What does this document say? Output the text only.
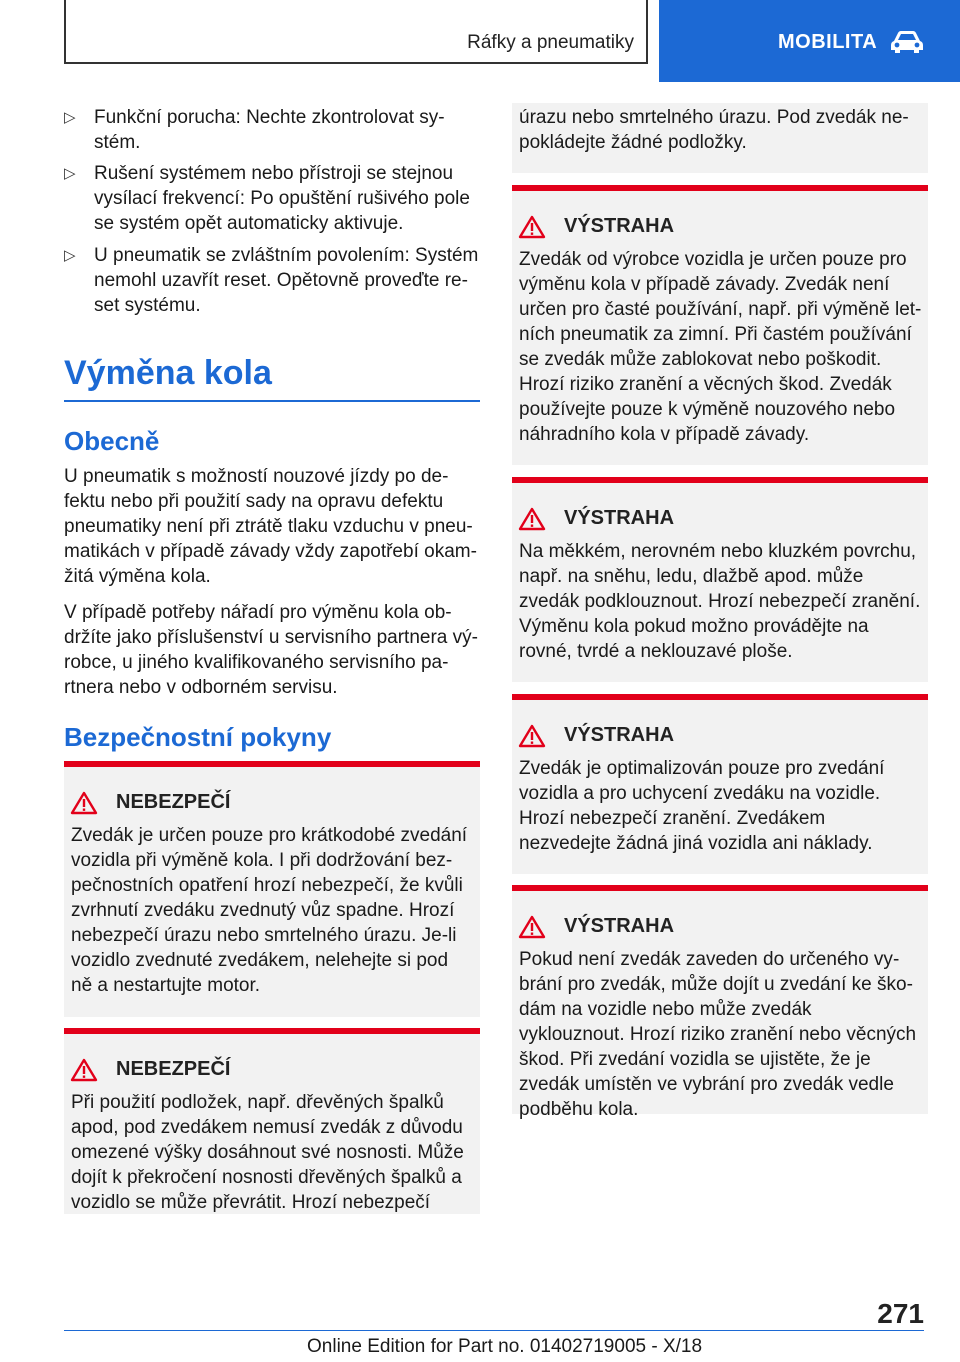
Ráfky a pneumatiky	MOBILITA
▷ Funkční porucha: Nechte zkontrolovat systém.
▷ Rušení systémem nebo přístroji se stejnou vysílací frekvencí: Po opuštění rušivého pole se systém opět automaticky aktivuje.
▷ U pneumatik se zvláštním povolením: Systém nemohl uzavřít reset. Opětovně proveďte reset systému.
Výměna kola
Obecně
U pneumatik s možností nouzové jízdy po defektu nebo při použití sady na opravu defektu pneumatiky není při ztrátě tlaku vzduchu v pneumatikách v případě závady vždy zapotřebí okamžitá výměna kola.
V případě potřeby nářadí pro výměnu kola obdržíte jako příslušenství u servisního partnera výrobce, u jiného kvalifikovaného servisního partnera nebo v odborném servisu.
Bezpečnostní pokyny
NEBEZPEČÍ
Zvedák je určen pouze pro krátkodobé zvedání vozidla při výměně kola. I při dodržování bezpečnostních opatření hrozí nebezpečí, že kvůli zvrhnutí zvedáku zvednutý vůz spadne. Hrozí nebezpečí úrazu nebo smrtelného úrazu. Je-li vozidlo zvednuté zvedákem, nelehejte si pod ně a nestartujte motor.
NEBEZPEČÍ
Při použití podložek, např. dřevěných špalků apod, pod zvedákem nemusí zvedák z důvodu omezené výšky dosáhnout své nosnosti. Může dojít k překročení nosnosti dřevěných špalků a vozidlo se může převrátit. Hrozí nebezpečí
úrazu nebo smrtelného úrazu. Pod zvedák nepokládejte žádné podložky.
VÝSTRAHA
Zvedák od výrobce vozidla je určen pouze pro výměnu kola v případě závady. Zvedák není určen pro časté používání, např. při výměně letních pneumatik za zimní. Při častém používání se zvedák může zablokovat nebo poškodit. Hrozí riziko zranění a věcných škod. Zvedák používejte pouze k výměně nouzového nebo náhradního kola v případě závady.
VÝSTRAHA
Na měkkém, nerovném nebo kluzkém povrchu, např. na sněhu, ledu, dlažbě apod. může zvedák podklouznout. Hrozí nebezpečí zranění. Výměnu kola pokud možno provádějte na rovné, tvrdé a neklouzavé ploše.
VÝSTRAHA
Zvedák je optimalizován pouze pro zvedání vozidla a pro uchycení zvedáku na vozidle. Hrozí nebezpečí zranění. Zvedákem nezvedejte žádná jiná vozidla ani náklady.
VÝSTRAHA
Pokud není zvedák zaveden do určeného vybrání pro zvedák, může dojít u zvedání ke škodám na vozidle nebo může zvedák vyklouznout. Hrozí riziko zranění nebo věcných škod. Při zvedání vozidla se ujistěte, že je zvedák umístěn ve vybrání pro zvedák vedle podběhu kola.
271
Online Edition for Part no. 01402719005 - X/18
